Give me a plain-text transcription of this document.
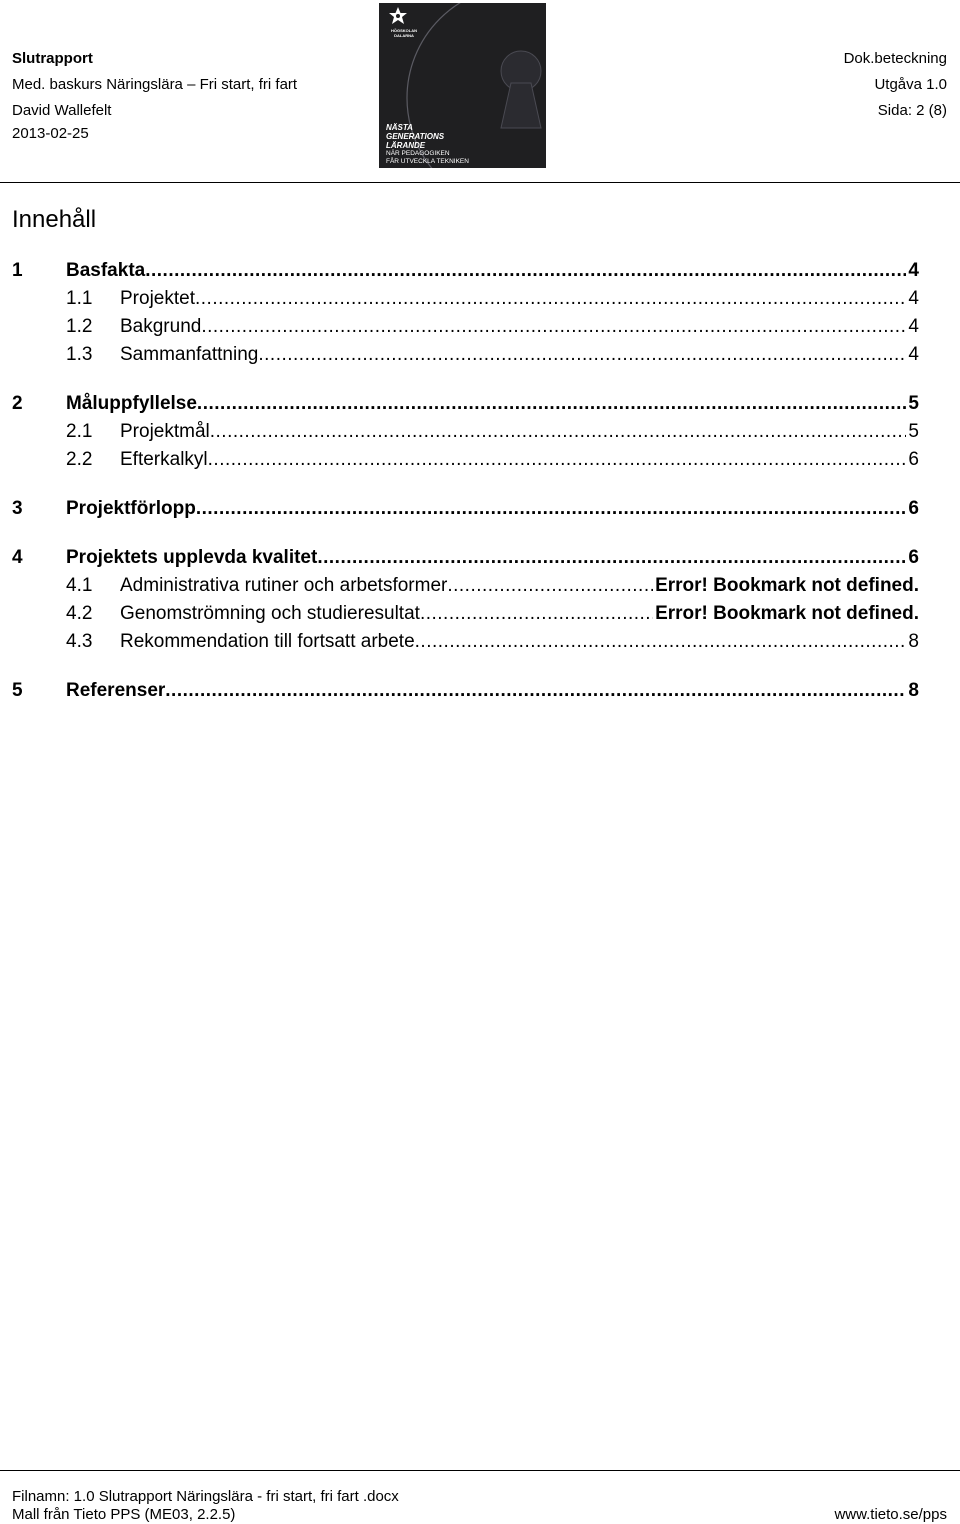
Slutrapport
Med. baskurs Näringslära – Fri start, fri fart
David Wallefelt
2013-02-25
Dok.beteckning
Utgåva 1.0
Sida: 2 (8)
HÖGSKOLAN DALARNA
NÄSTA
GENERATIONS
LÄRANDE
NÄR PEDAGOGIKEN
FÅR UTVECKLA TEKNIKEN
Innehåll
1 Basfakta .....	4
1.1 Projektet .....	4
1.2 Bakgrund .....	4
1.3 Sammanfattning .....	4
2 Måluppfyllelse .....	5
2.1 Projektmål .....	5
2.2 Efterkalkyl .....	6
3 Projektförlopp .....	6
4 Projektets upplevda kvalitet .....	6
4.1 Administrativa rutiner och arbetsformer .....	Error! Bookmark not defined.
4.2 Genomströmning och studieresultat .....	Error! Bookmark not defined.
4.3 Rekommendation till fortsatt arbete .....	8
5 Referenser .....	8
Filnamn: 1.0 Slutrapport Näringslära - fri start, fri fart .docx
Mall från Tieto PPS (ME03, 2.2.5)	www.tieto.se/pps
